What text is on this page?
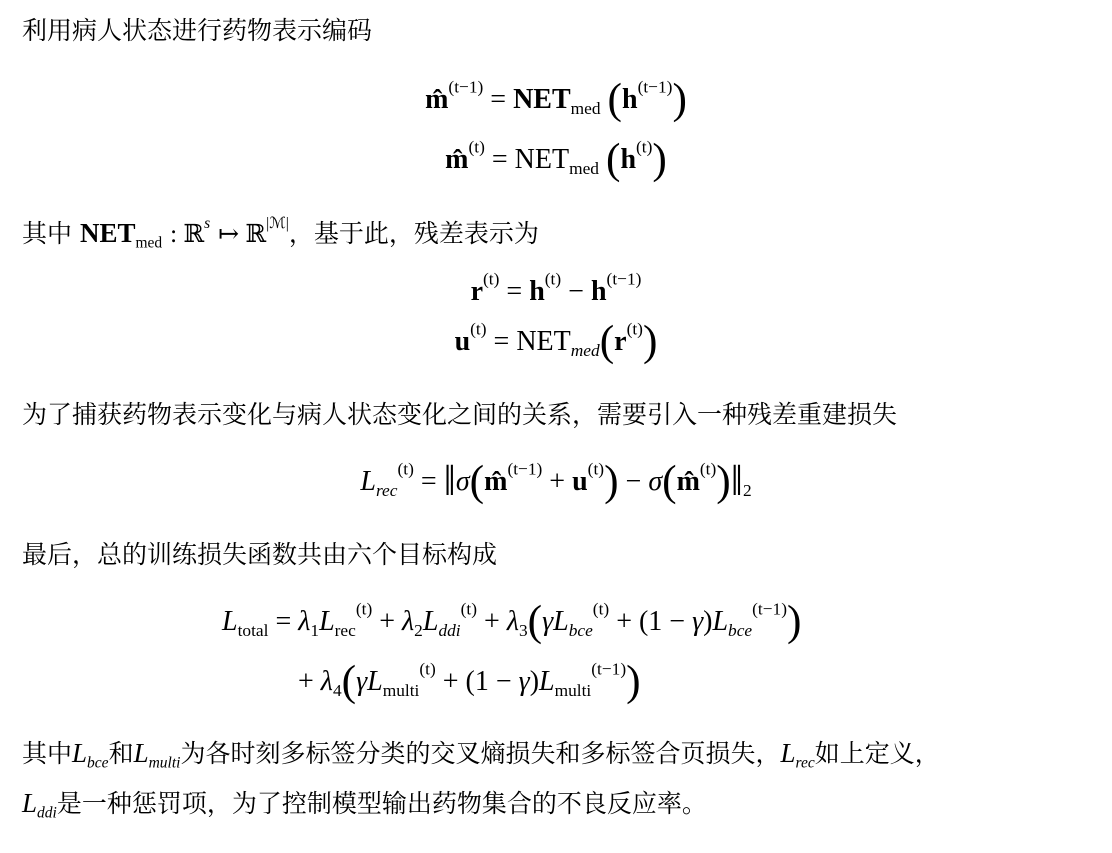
利用病人状态进行药物表示编码
m̂$^{(t-1)}$ = $NET_{med}$ $(h^{(t-1)})$
m̂$^{(t)}$ = $NET_{med}$ $(h^{(t)})$
其中 $NET_{med}$ : ℝ$^s$ ↦ ℝ$^{|ℳ|}$，基于此，残差表示为
$r^{(t)} = h^{(t)} - h^{(t-1)}$
$u^{(t)} = NET_{med}(r^{(t)})$
为了捕获药物表示变化与病人状态变化之间的关系，需要引入一种残差重建损失
$L_{rec}^{(t)}$ = ‖σ(m̂$^{(t-1)}$ + $u^{(t)}$) − $\sigma(m̂^{(t)})‖_2$
最后，总的训练损失函数共由六个目标构成
$L_{total} = \lambda_1L_{rec}^{(t)} + \lambda_2L_{ddi}^{(t)} + \lambda_3(\gamma L_{bce}^{(t)} + (1 - \gamma)L_{bce}^{(t-1)})$
+ $\lambda_4(\gamma L_{multi}^{(t)} + (1 - \gamma)L_{multi}^{(t-1)})$
其中$L_{bce}$和$L_{multi}$为各时刻多标签分类的交叉熵损失和多标签合页损失，$L_{rec}$如上定义，
$L_{ddi}$是一种惩罚项，为了控制模型输出药物集合的不良反应率。
